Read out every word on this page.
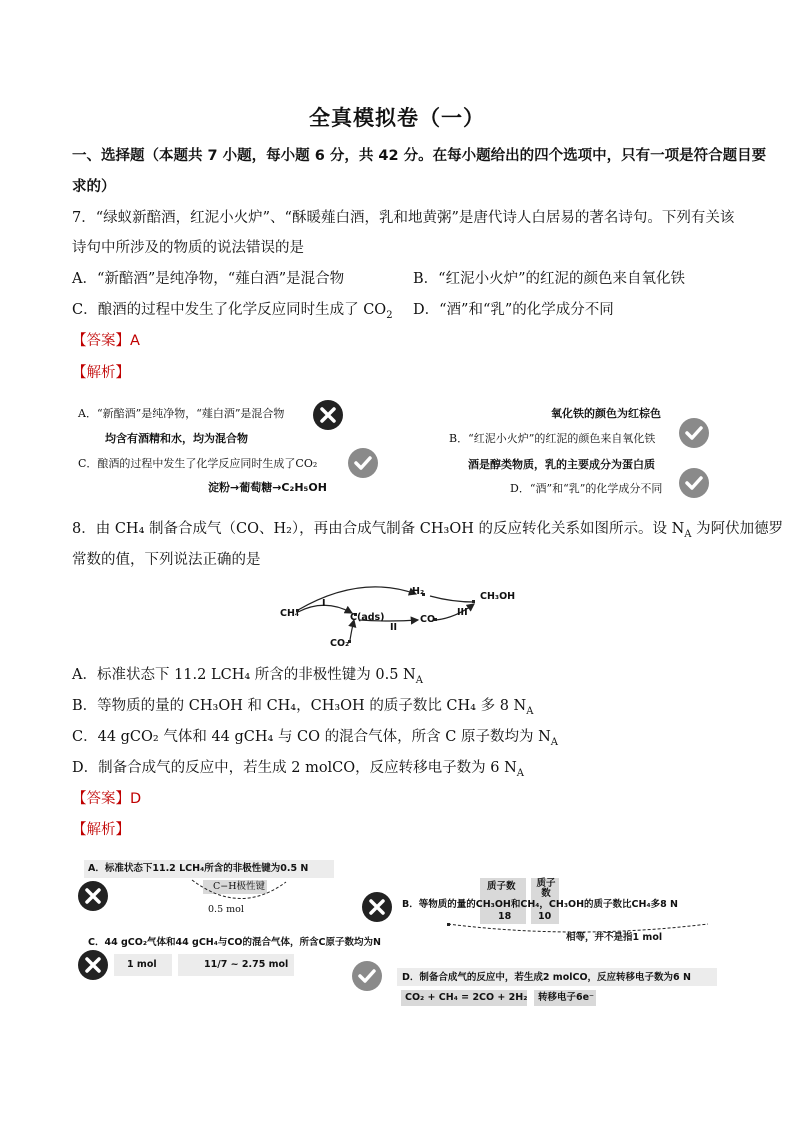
全真模拟卷（一）
一、选择题（本题共 7 小题，每小题 6 分，共 42 分。在每小题给出的四个选项中，只有一项是符合题目要
求的）
7．“绿蚁新醅酒，红泥小火炉”、“酥暖薤白酒，乳和地黄粥”是唐代诗人白居易的著名诗句。下列有关该
诗句中所涉及的物质的说法错误的是
A．“新醅酒”是纯净物，“薤白酒”是混合物	B．“红泥小火炉”的红泥的颜色来自氧化铁
C．酿酒的过程中发生了化学反应同时生成了 $CO_2$ D．“酒”和“乳”的化学成分不同
【答案】A
【解析】
A．“新醅酒”是纯净物，“薤白酒”是混合物
均含有酒精和水，均为混合物
C．酿酒的过程中发生了化学反应同时生成了CO₂
淀粉→葡萄糖→C₂H₅OH
氧化铁的颜色为红棕色
B．“红泥小火炉”的红泥的颜色来自氧化铁
酒是醇类物质，乳的主要成分为蛋白质
D．“酒”和“乳”的化学成分不同
8．由 CH₄ 制备合成气（CO、H₂），再由合成气制备 CH₃OH 的反应转化关系如图所示。设 $N_A$ 为阿伏加德罗
常数的值，下列说法正确的是
CH₄
H₂	CH₃OH
C(ads)
CO₂
CO
I
II
III
A．标准状态下 11.2 LCH₄ 所含的非极性键为 0.5 $N_A$
B．等物质的量的 CH₃OH 和 CH₄，CH₃OH 的质子数比 CH₄ 多 8 $N_A$
C．44 gCO₂ 气体和 44 gCH₄ 与 CO 的混合气体，所含 C 原子数均为 $N_A$
D．制备合成气的反应中，若生成 2 molCO，反应转移电子数为 6 $N_A$
【答案】D
【解析】
A．标准状态下11.2 LCH₄所含的非极性键为0.5 N
C−H极性键
0.5 mol
质子数
18
质子数
10
B．等物质的量的CH₃OH和CH₄，CH₃OH的质子数比CH₄多8 N
相等，并不是指1 mol
C．44 gCO₂气体和44 gCH₄与CO的混合气体，所含C原子数均为N
1 mol	11/7 ~ 2.75 mol
D．制备合成气的反应中，若生成2 molCO，反应转移电子数为6 N
CO₂ + CH₄ = 2CO + 2H₂ 转移电子6e⁻
